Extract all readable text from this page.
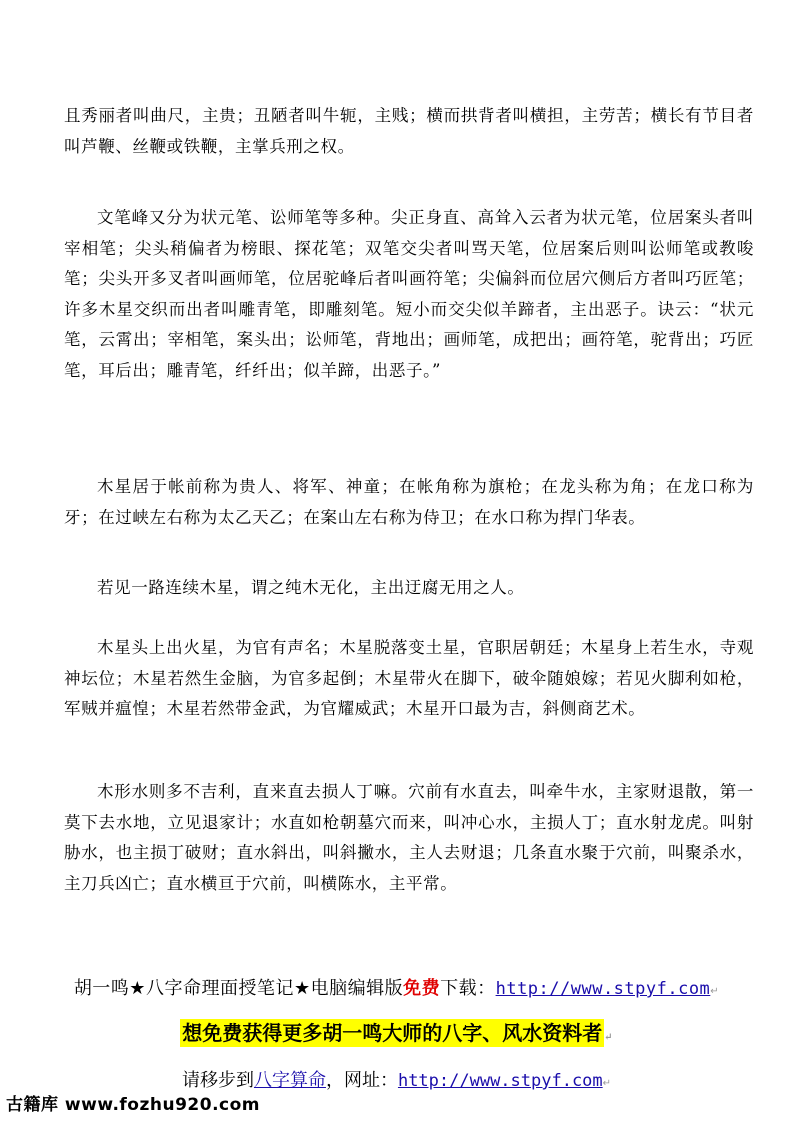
且秀丽者叫曲尺，主贵；丑陋者叫牛轭，主贱；横而拱背者叫横担，主劳苦；横长有节目者叫芦鞭、丝鞭或铁鞭，主掌兵刑之权。

文笔峰又分为状元笔、讼师笔等多种。尖正身直、高耸入云者为状元笔，位居案头者叫宰相笔；尖头稍偏者为榜眼、探花笔；双笔交尖者叫骂天笔，位居案后则叫讼师笔或教唆笔；尖头开多叉者叫画师笔，位居驼峰后者叫画符笔；尖偏斜而位居穴侧后方者叫巧匠笔；许多木星交织而出者叫雕青笔，即雕刻笔。短小而交尖似羊蹄者，主出恶子。诀云：“状元笔，云霄出；宰相笔，案头出；讼师笔，背地出；画师笔，成把出；画符笔，驼背出；巧匠笔，耳后出；雕青笔，纤纤出；似羊蹄，出恶子。”

木星居于帐前称为贵人、将军、神童；在帐角称为旗枪；在龙头称为角；在龙口称为牙；在过峡左右称为太乙天乙；在案山左右称为侍卫；在水口称为捍门华表。

若见一路连续木星，谓之纯木无化，主出迂腐无用之人。

木星头上出火星，为官有声名；木星脱落变土星，官职居朝廷；木星身上若生水，寺观神坛位；木星若然生金脑，为官多起倒；木星带火在脚下，破伞随娘嫁；若见火脚利如枪，军贼并瘟惶；木星若然带金武，为官耀威武；木星开口最为吉，斜侧商艺术。

木形水则多不吉利，直来直去损人丁嘛。穴前有水直去，叫牵牛水，主家财退散，第一莫下去水地，立见退家计；水直如枪朝墓穴而来，叫冲心水，主损人丁；直水射龙虎。叫射胁水，也主损丁破财；直水斜出，叫斜撇水，主人去财退；几条直水聚于穴前，叫聚杀水，主刀兵凶亡；直水横亘于穴前，叫横陈水，主平常。

胡一鸣★八字命理面授笔记★电脑编辑版免费下载：http://www.stpyf.com↵
想免费获得更多胡一鸣大师的八字、风水资料者 ↵
请移步到八字算命，网址：http://www.stpyf.com↵
古籍库 www.fozhu920.com
